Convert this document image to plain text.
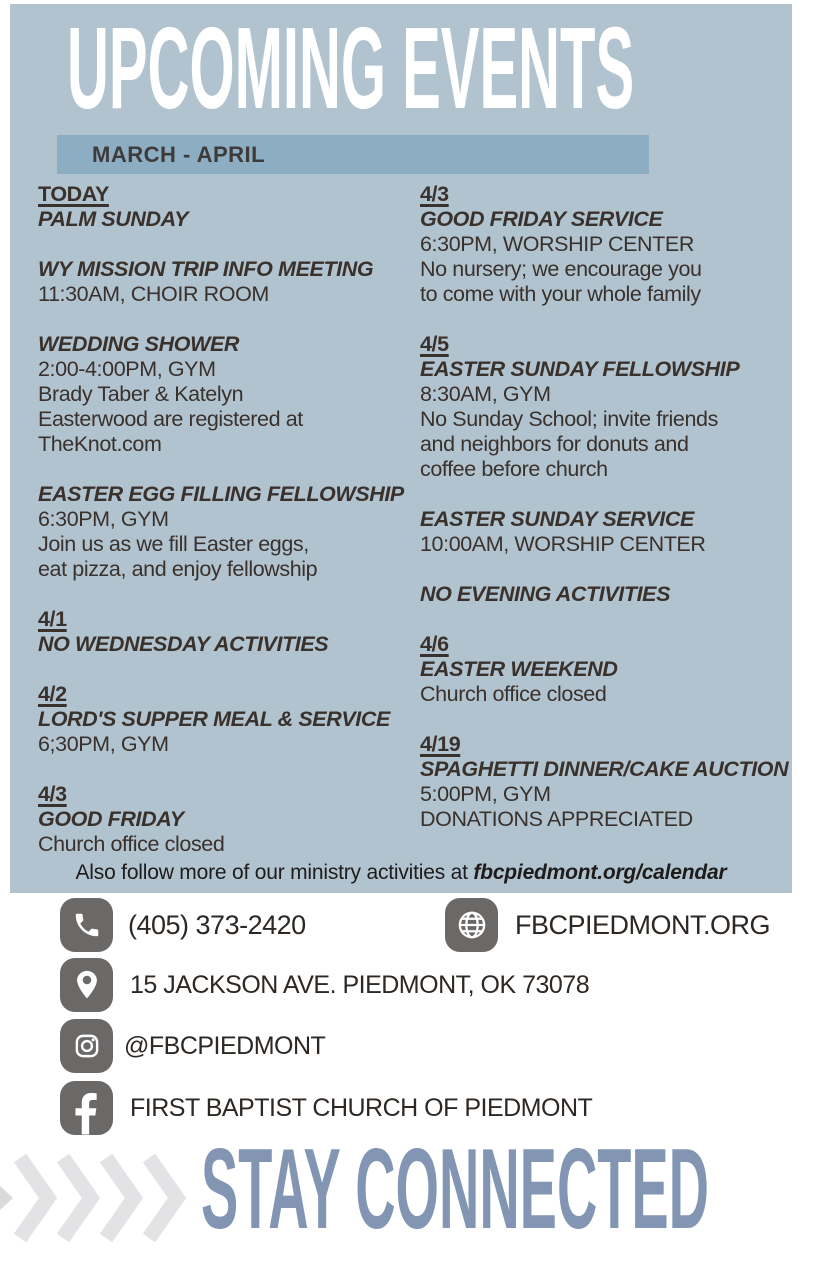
UPCOMING EVENTS
MARCH - APRIL
TODAY
PALM SUNDAY
WY MISSION TRIP INFO MEETING
11:30AM, CHOIR ROOM
WEDDING SHOWER
2:00-4:00PM, GYM
Brady Taber & Katelyn
Easterwood are registered at
TheKnot.com
EASTER EGG FILLING FELLOWSHIP
6:30PM, GYM
Join us as we fill Easter eggs,
eat pizza, and enjoy fellowship
4/1
NO WEDNESDAY ACTIVITIES
4/2
LORD'S SUPPER MEAL & SERVICE
6;30PM, GYM
4/3
GOOD FRIDAY
Church office closed
4/3
GOOD FRIDAY SERVICE
6:30PM, WORSHIP CENTER
No nursery; we encourage you
to come with your whole family
4/5
EASTER SUNDAY FELLOWSHIP
8:30AM, GYM
No Sunday School; invite friends
and neighbors for donuts and
coffee before church
EASTER SUNDAY SERVICE
10:00AM, WORSHIP CENTER
NO EVENING ACTIVITIES
4/6
EASTER WEEKEND
Church office closed
4/19
SPAGHETTI DINNER/CAKE AUCTION
5:00PM, GYM
DONATIONS APPRECIATED
Also follow more of our ministry activities at fbcpiedmont.org/calendar
(405) 373-2420	FBCPIEDMONT.ORG
15 JACKSON AVE. PIEDMONT, OK 73078
@FBCPIEDMONT
FIRST BAPTIST CHURCH OF PIEDMONT
STAY CONNECTED
